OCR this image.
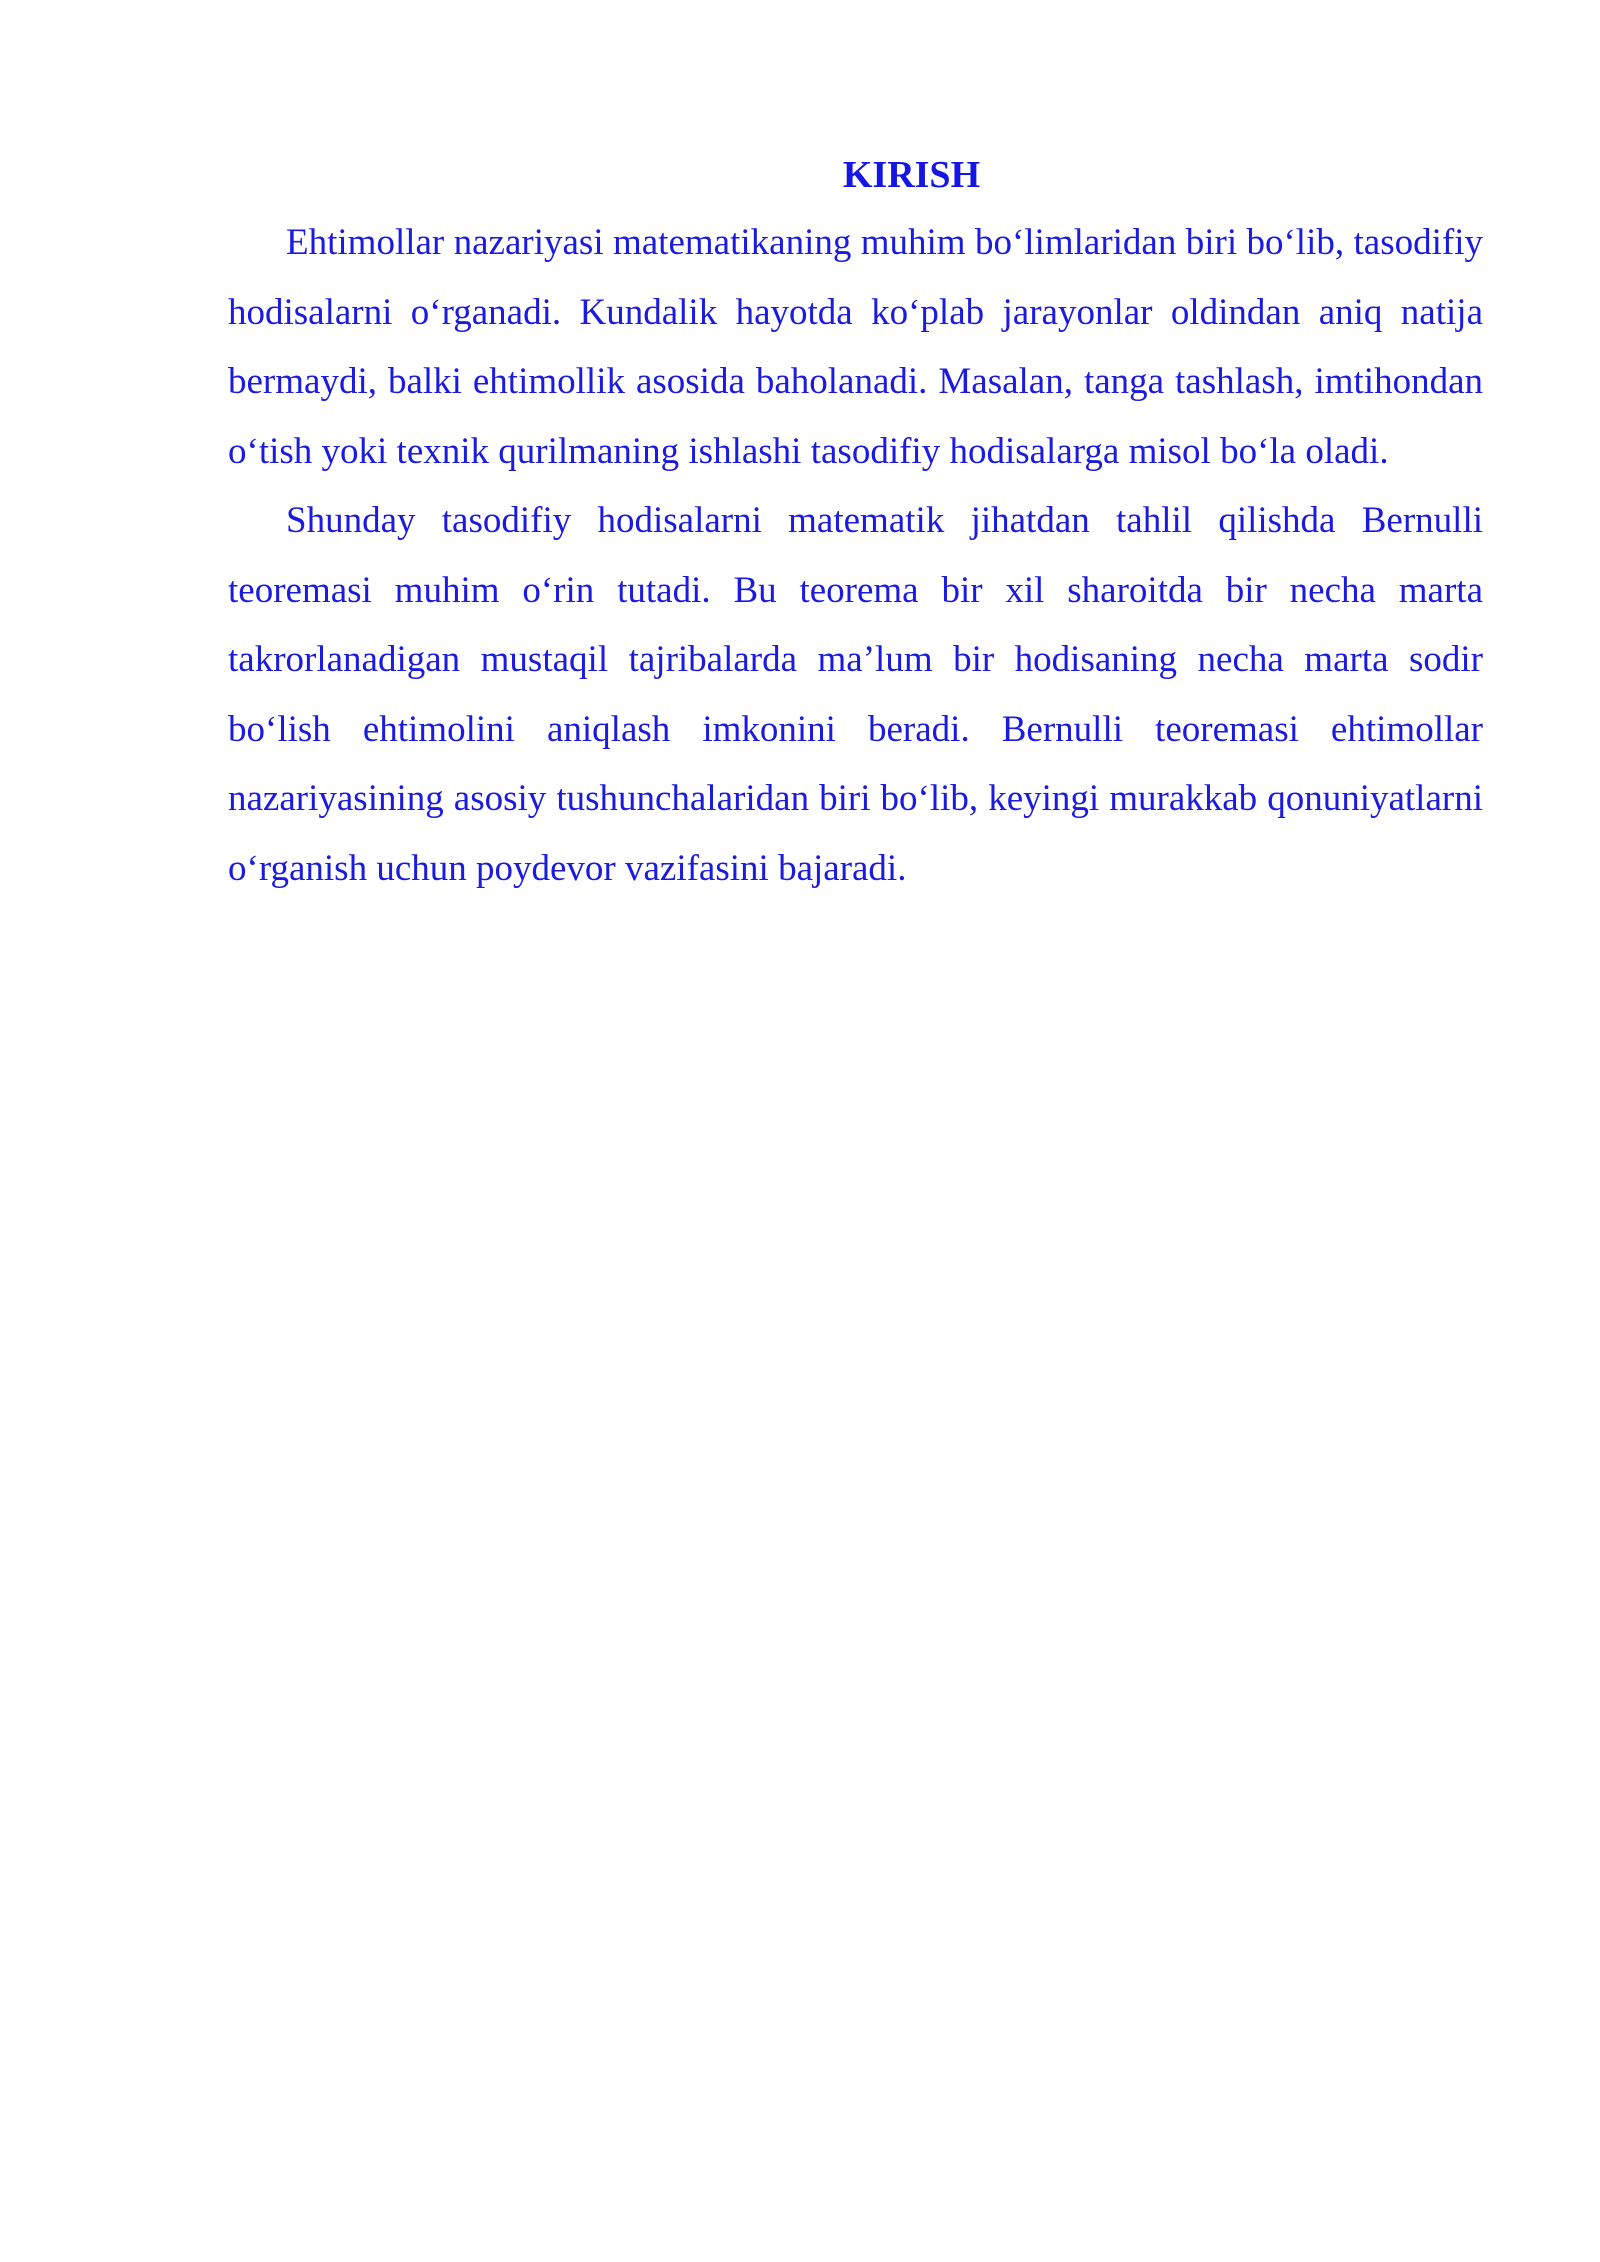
KIRISH

Ehtimollar nazariyasi matematikaning muhim bo‘limlaridan biri bo‘lib, tasodifiy hodisalarni o‘rganadi. Kundalik hayotda ko‘plab jarayonlar oldindan aniq natija bermaydi, balki ehtimollik asosida baholanadi. Masalan, tanga tashlash, imtihondan o‘tish yoki texnik qurilmaning ishlashi tasodifiy hodisalarga misol bo‘la oladi.

Shunday tasodifiy hodisalarni matematik jihatdan tahlil qilishda Bernulli teoremasi muhim o‘rin tutadi. Bu teorema bir xil sharoitda bir necha marta takrorlanadigan mustaqil tajribalarda ma’lum bir hodisaning necha marta sodir bo‘lish ehtimolini aniqlash imkonini beradi. Bernulli teoremasi ehtimollar nazariyasining asosiy tushunchalaridan biri bo‘lib, keyingi murakkab qonuniyatlarni o‘rganish uchun poydevor vazifasini bajaradi.
